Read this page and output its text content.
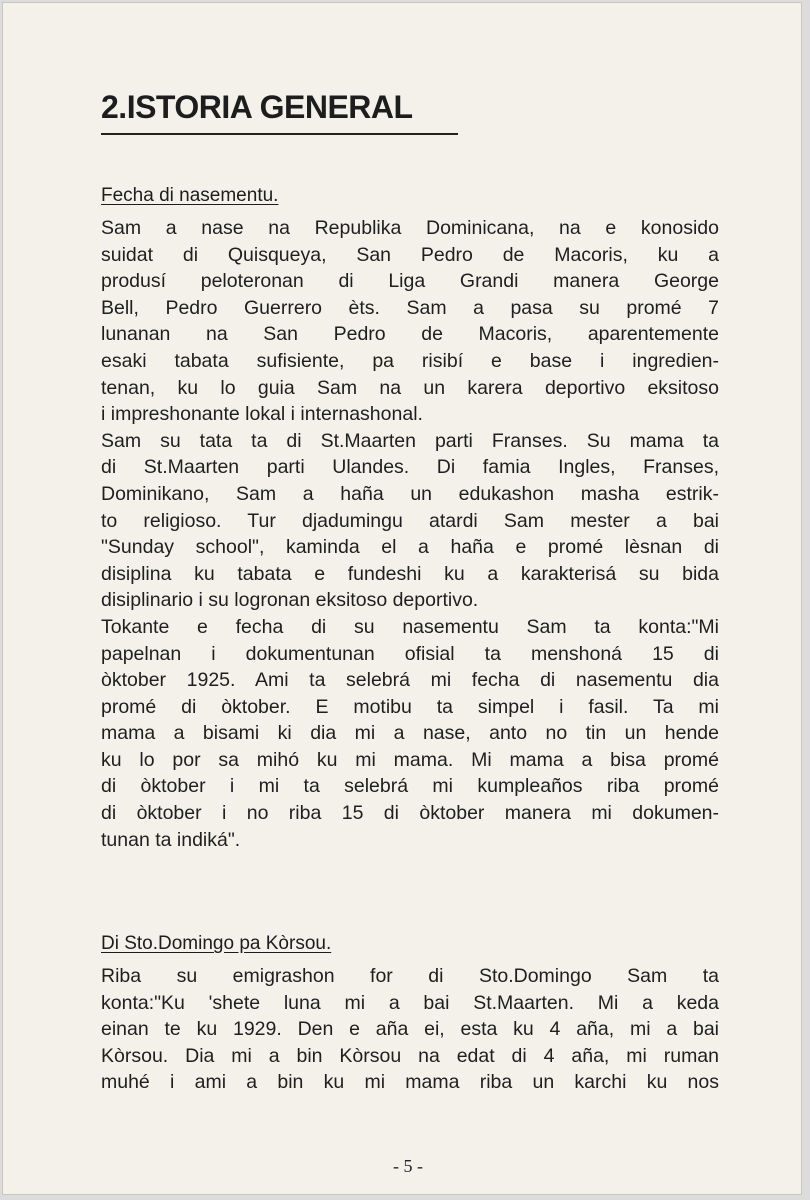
2.ISTORIA GENERAL
Fecha di nasementu.
Sam a nase na Republika Dominicana, na e konosido
suidat di Quisqueya, San Pedro de Macoris, ku a
produsí peloteronan di Liga Grandi manera George
Bell, Pedro Guerrero èts. Sam a pasa su promé 7
lunanan na San Pedro de Macoris, aparentemente
esaki tabata sufisiente, pa risibí e base i ingredien-
tenan, ku lo guia Sam na un karera deportivo eksitoso
i impreshonante lokal i internashonal.
Sam su tata ta di St.Maarten parti Franses. Su mama ta
di St.Maarten parti Ulandes. Di famia Ingles, Franses,
Dominikano, Sam a haña un edukashon masha estrik-
to religioso. Tur djadumingu atardi Sam mester a bai
"Sunday school", kaminda el a haña e promé lèsnan di
disiplina ku tabata e fundeshi ku a karakterisá su bida
disiplinario i su logronan eksitoso deportivo.
Tokante e fecha di su nasementu Sam ta konta:"Mi
papelnan i dokumentunan ofisial ta menshoná 15 di
òktober 1925. Ami ta selebrá mi fecha di nasementu dia
promé di òktober. E motibu ta simpel i fasil. Ta mi
mama a bisami ki dia mi a nase, anto no tin un hende
ku lo por sa mihó ku mi mama. Mi mama a bisa promé
di òktober i mi ta selebrá mi kumpleaños riba promé
di òktober i no riba 15 di òktober manera mi dokumen-
tunan ta indiká".
Di Sto.Domingo pa Kòrsou.
Riba su emigrashon for di Sto.Domingo Sam ta
konta:"Ku 'shete luna mi a bai St.Maarten. Mi a keda
einan te ku 1929. Den e aña ei, esta ku 4 aña, mi a bai
Kòrsou. Dia mi a bin Kòrsou na edat di 4 aña, mi ruman
muhé i ami a bin ku mi mama riba un karchi ku nos
- 5 -
